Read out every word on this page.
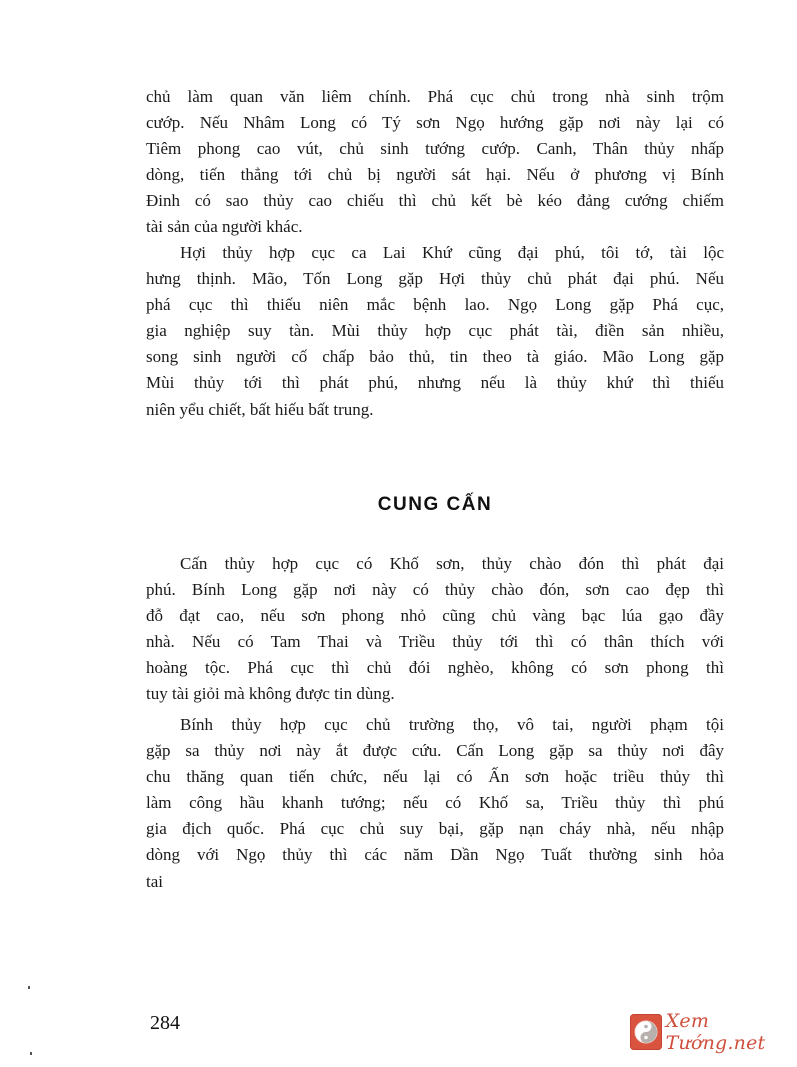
chủ làm quan văn liêm chính. Phá cục chủ trong nhà sinh trộm
cướp. Nếu Nhâm Long có Tý sơn Ngọ hướng gặp nơi này lại có
Tiêm phong cao vút, chủ sinh tướng cướp. Canh, Thân thủy nhấp
dòng, tiến thẳng tới chủ bị người sát hại. Nếu ở phương vị Bính
Đinh có sao thủy cao chiếu thì chủ kết bè kéo đảng cướng chiếm
tài sản của người khác.
Hợi thủy hợp cục ca Lai Khứ cũng đại phú, tôi tớ, tài lộc
hưng thịnh. Mão, Tốn Long gặp Hợi thủy chủ phát đại phú. Nếu
phá cục thì thiếu niên mắc bệnh lao. Ngọ Long gặp Phá cục,
gia nghiệp suy tàn. Mùi thủy hợp cục phát tài, điền sản nhiều,
song sinh người cố chấp bảo thủ, tin theo tà giáo. Mão Long gặp
Mùi thủy tới thì phát phú, nhưng nếu là thủy khứ thì thiếu
niên yểu chiết, bất hiếu bất trung.
CUNG CẤN
Cấn thủy hợp cục có Khố sơn, thủy chào đón thì phát đại
phú. Bính Long gặp nơi này có thủy chào đón, sơn cao đẹp thì
đỗ đạt cao, nếu sơn phong nhỏ cũng chủ vàng bạc lúa gạo đầy
nhà. Nếu có Tam Thai và Triều thủy tới thì có thân thích với
hoàng tộc. Phá cục thì chủ đói nghèo, không có sơn phong thì
tuy tài giỏi mà không được tin dùng.
Bính thủy hợp cục chủ trường thọ, vô tai, người phạm tội
gặp sa thủy nơi này ắt được cứu. Cấn Long gặp sa thủy nơi đây
chu thăng quan tiến chức, nếu lại có Ấn sơn hoặc triều thủy thì
làm công hầu khanh tướng; nếu có Khố sa, Triều thủy thì phú
gia địch quốc. Phá cục chủ suy bại, gặp nạn cháy nhà, nếu nhập
dòng với Ngọ thủy thì các năm Dần Ngọ Tuất thường sinh hỏa
tai
284	Xem Tướng.net
